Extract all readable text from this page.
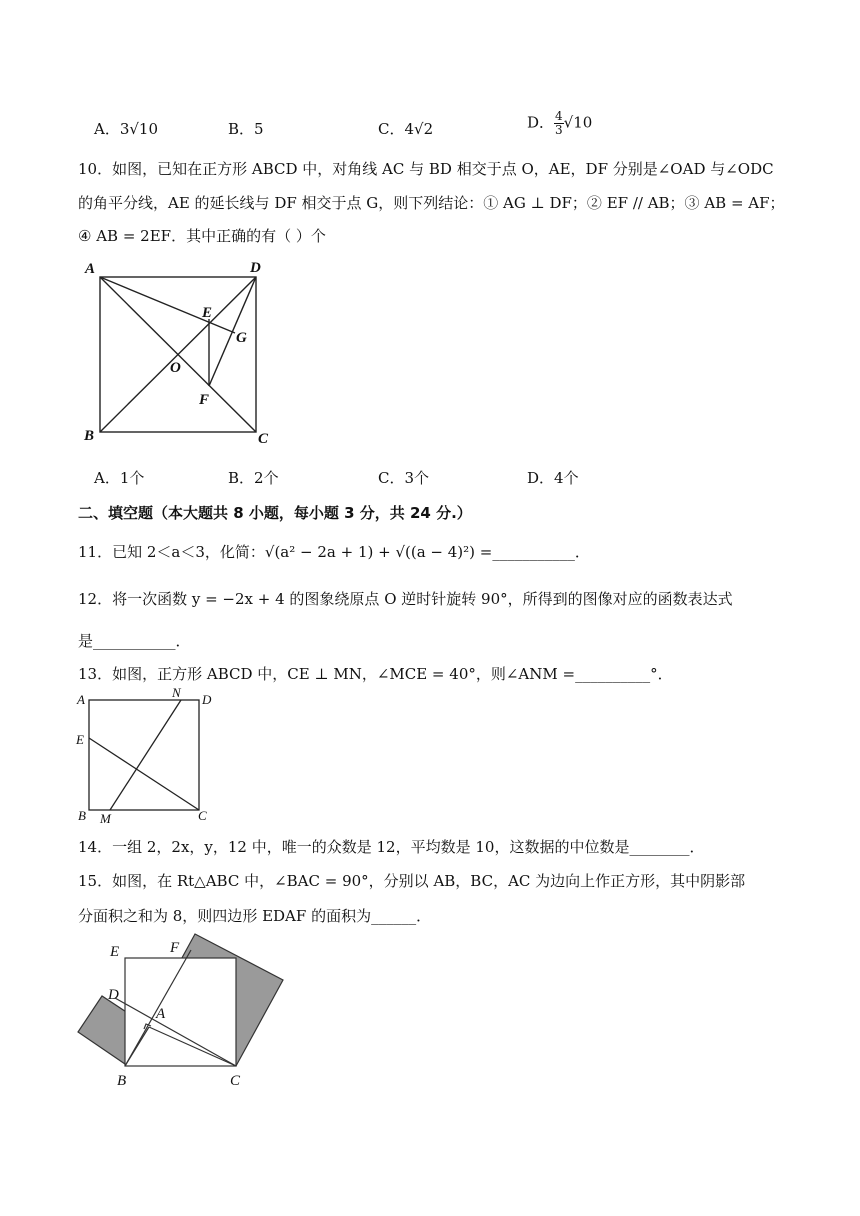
A．3√10	B．5	C．4√2	D． $\frac{4}{3} √10$
10．如图，已知在正方形 ABCD 中，对角线 AC 与 BD 相交于点 O，AE，DF 分别是∠OAD 与∠ODC
的角平分线，AE 的延长线与 DF 相交于点 G，则下列结论：① AG ⊥ DF；② EF // AB；③ AB = AF；
④ AB = 2EF．其中正确的有（ ）个
A	D
E
G
O
F
B	C
A．1个	B．2个	C．3个	D．4个
二、填空题（本大题共 8 小题，每小题 3 分，共 24 分.）
11．已知 2＜a＜3，化简：√(a² − 2a + 1) + √((a − 4)²) =___________．
12．将一次函数 y = −2x + 4 的图象绕原点 O 逆时针旋转 90°，所得到的图像对应的函数表达式
是___________．
13．如图，正方形 ABCD 中，CE ⊥ MN，∠MCE = 40°，则∠ANM =__________°．
A	N D
E
B M	C
14．一组 2，2x，y，12 中，唯一的众数是 12，平均数是 10，这数据的中位数是________．
15．如图，在 Rt△ABC 中，∠BAC = 90°，分别以 AB，BC，AC 为边向上作正方形，其中阴影部
分面积之和为 8，则四边形 EDAF 的面积为______．
E	F
D
A
B	C
